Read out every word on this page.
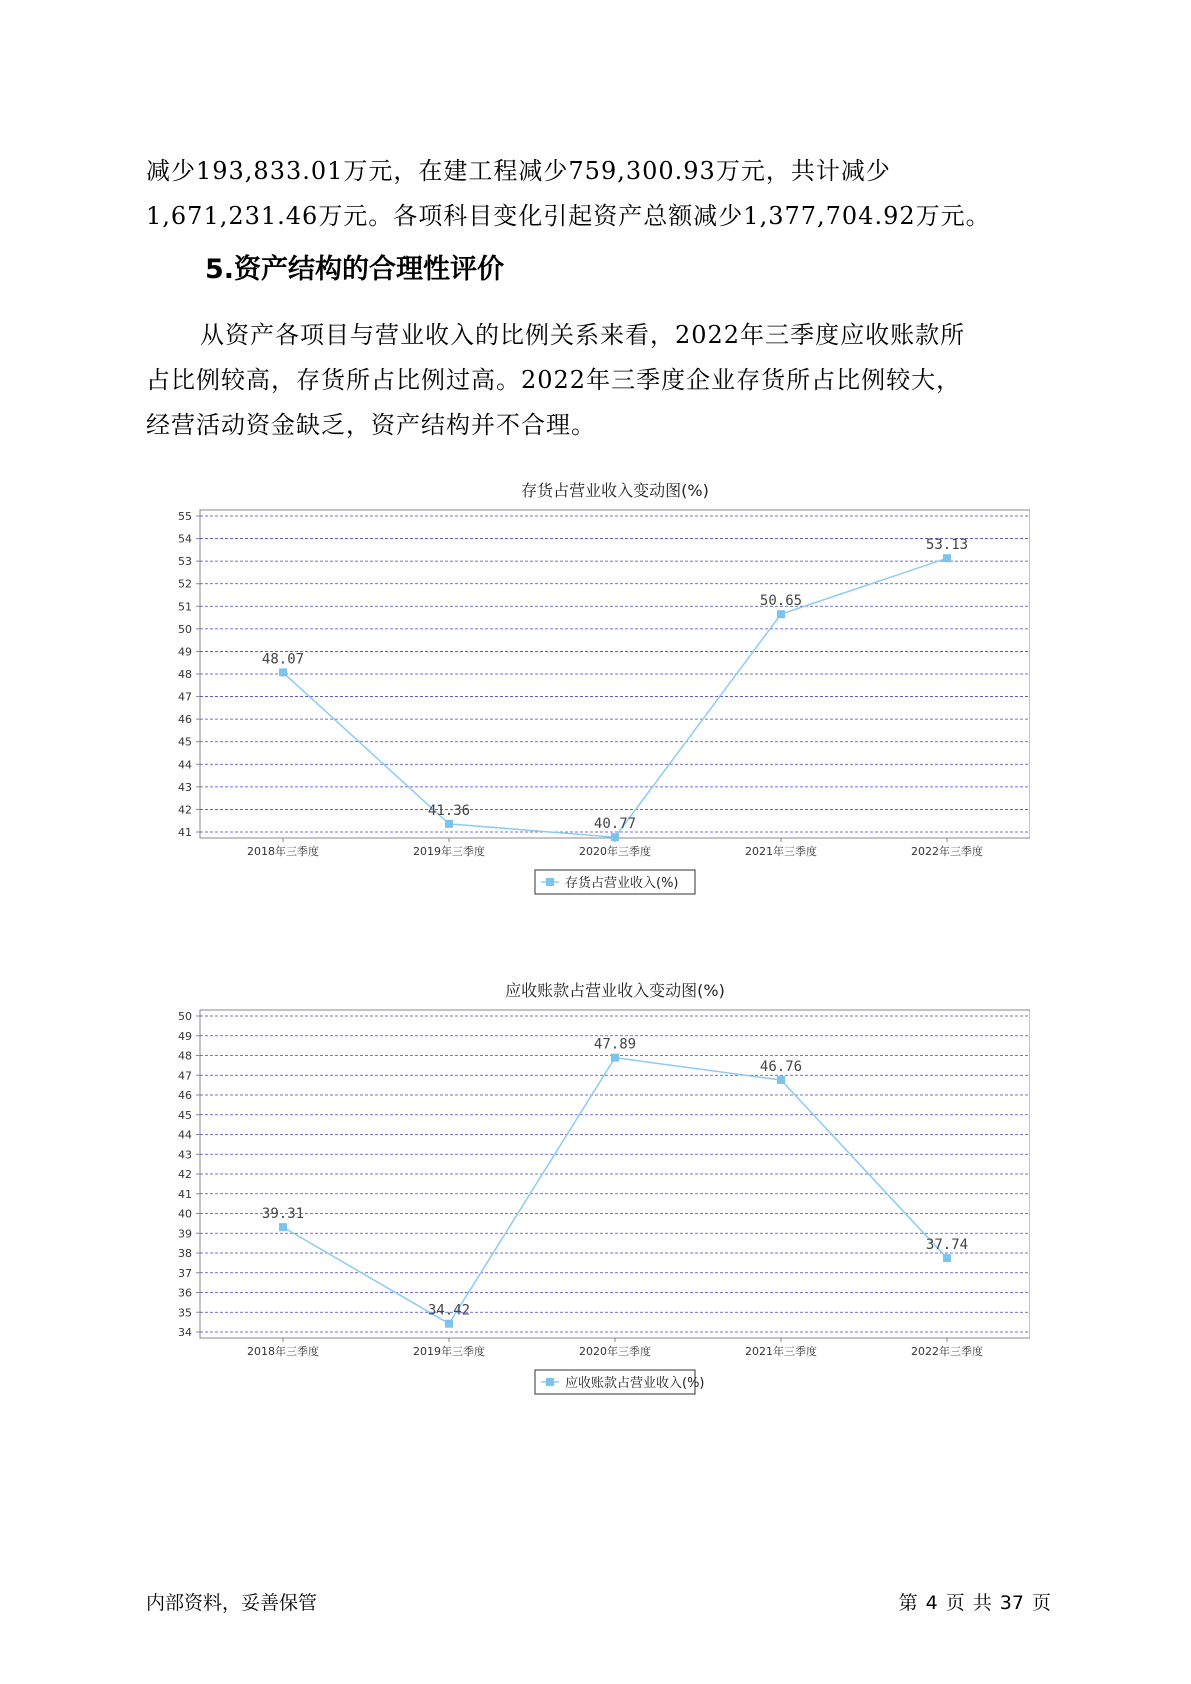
减少193,833.01万元，在建工程减少759,300.93万元，共计减少
1,671,231.46万元。各项科目变化引起资产总额减少1,377,704.92万元。

5.资产结构的合理性评价

从资产各项目与营业收入的比例关系来看，2022年三季度应收账款所
占比例较高，存货所占比例过高。2022年三季度企业存货所占比例较大，
经营活动资金缺乏，资产结构并不合理。

存货占营业收入变动图(%)
41
42
43
44
45
46
47
48
49
50
51
52
53
54
55
2018年三季度	2019年三季度	2020年三季度	2021年三季度	2022年三季度
48.07
41.36
40.77
50.65
53.13
存货占营业收入(%)
应收账款占营业收入变动图(%)
34
35
36
37
38
39
40
41
42
43
44
45
46
47
48
49
50
2018年三季度	2019年三季度	2020年三季度	2021年三季度	2022年三季度
39.31
34.42
47.89
46.76
37.74
应收账款占营业收入(%)
内部资料，妥善保管	第 4 页 共 37 页
